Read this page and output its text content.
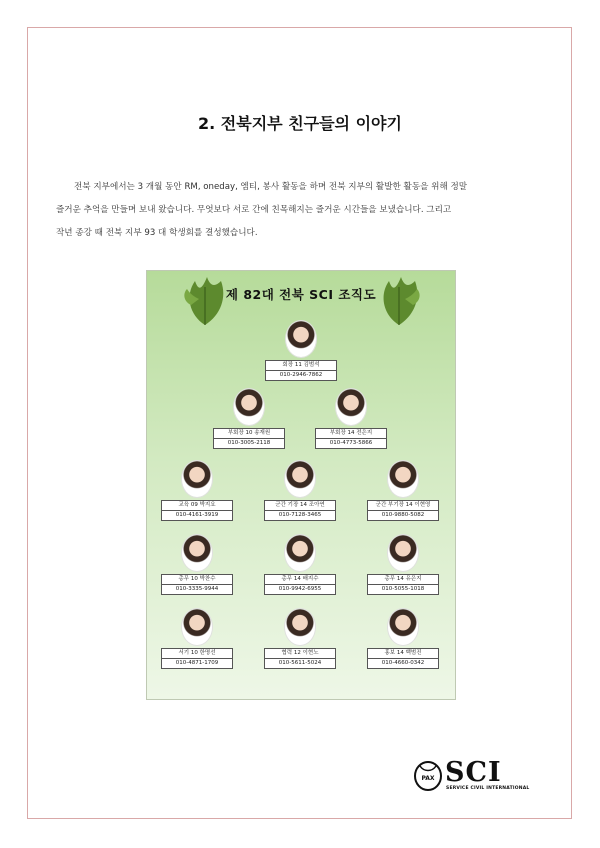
2. 전북지부 친구들의 이야기

전북 지부에서는 3 개월 동안 RM, oneday, 엠티, 봉사 활동을 하며 전북 지부의 활발한 활동을 위해 정말

즐거운 추억을 만들며 보내 왔습니다. 무엇보다 서로 간에 친목해지는 즐거운 시간들을 보냈습니다. 그리고

작년 종강 때 전북 지부 93 대 학생회를 결성했습니다.

제 82대 전북 SCI 조직도
회장 11 김범석
010-2946-7862
부회장 10 송재원
010-3005-2118
부회장 14 전은지
010-4773-5866
교육 09 박지요
010-4161-3919
군간 기장 14 조아연
010-7128-3465
군간 부기장 14 이현영
010-9880-5082
총무 10 박찬수
010-3335-9944
총무 14 배지수
010-9942-6955
총무 14 유은지
010-5055-1018
서기 10 한명선
010-4871-1709
협력 12 이현노
010-5611-5024
홍보 14 백범진
010-4660-0342
PAX SCI
SERVICE CIVIL INTERNATIONAL
